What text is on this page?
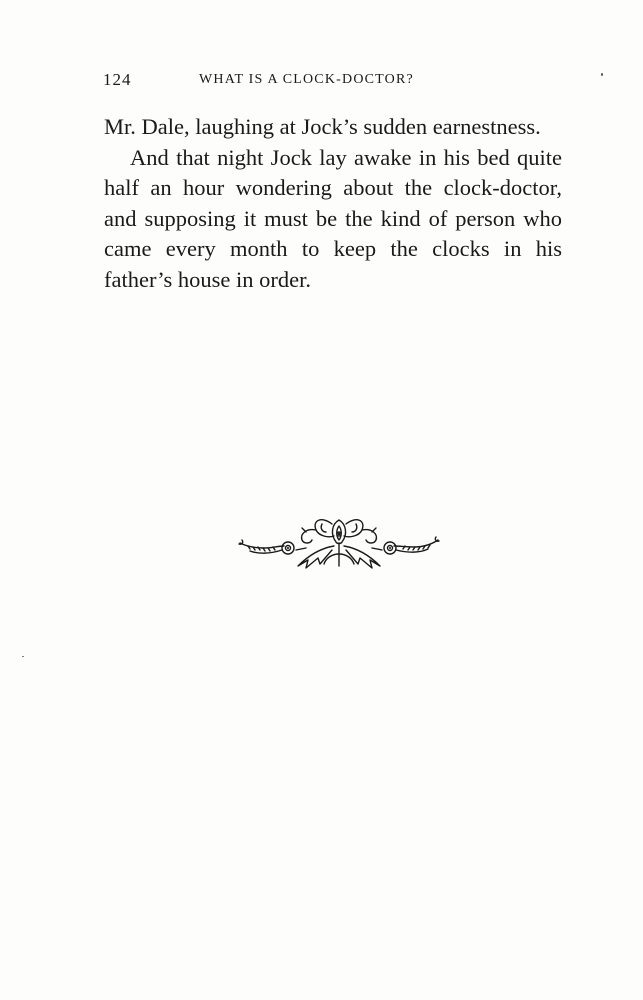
124	WHAT IS A CLOCK-DOCTOR?

Mr. Dale, laughing at Jock’s sudden earnestness.

And that night Jock lay awake in his bed quite half an hour wondering about the clock-doctor, and supposing it must be the kind of person who came every month to keep the clocks in his father’s house in order.
